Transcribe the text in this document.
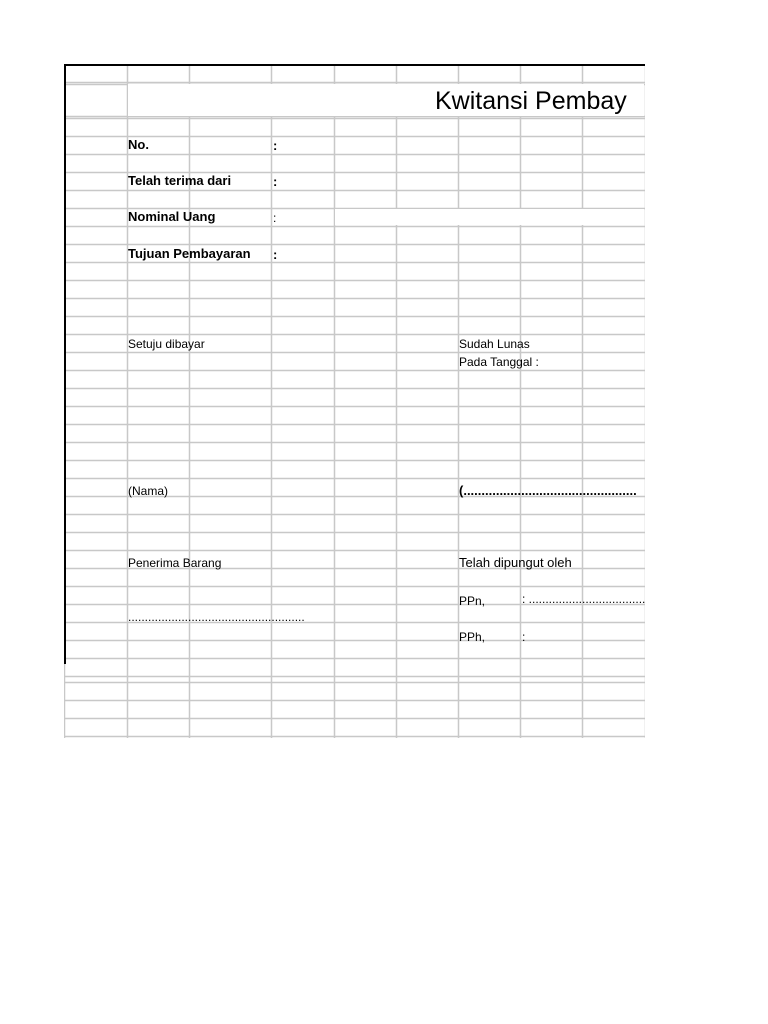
Kwitansi Pembay
No.	:
Telah terima dari	:
Nominal Uang	:
Tujuan Pembayaran :
Setuju dibayar	Sudah Lunas
Pada Tanggal :
(Nama)	(................................................
Penerima Barang	Telah dipungut oleh
PPn,	: ...................................
.....................................................
PPh,	:
